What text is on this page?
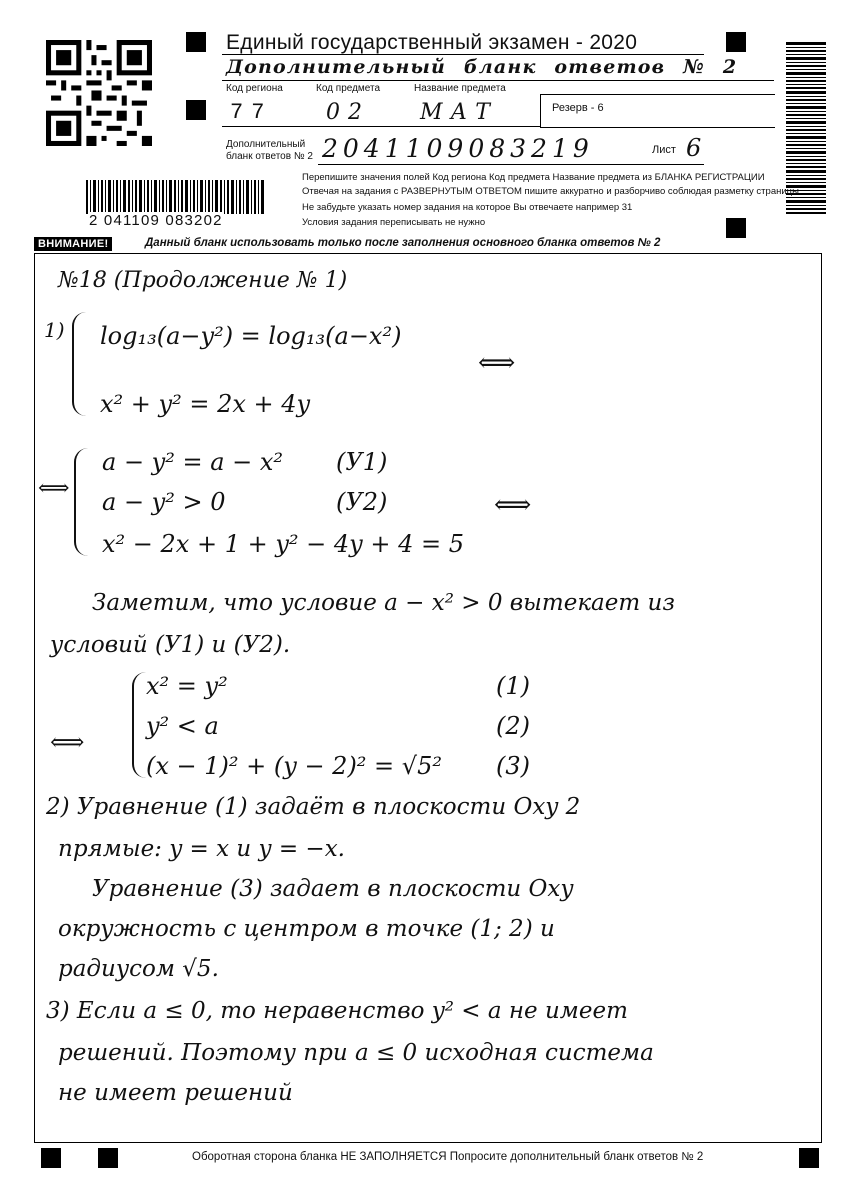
2 041109 083202
Единый государственный экзамен - 2020
Дополнительный бланк ответов № 2
Код региона	Код предмета	Название предмета
77 02 МАТ	Резерв - 6
Дополнительный бланк ответов № 2 2041109083219	Лист 6
Перепишите значения полей Код региона Код предмета Название предмета из БЛАНКА РЕГИСТРАЦИИ
Отвечая на задания с РАЗВЕРНУТЫМ ОТВЕТОМ пишите аккуратно и разборчиво соблюдая разметку страницы
Не забудьте указать номер задания на которое Вы отвечаете например 31
Условия задания переписывать не нужно
ВНИМАНИЕ!	Данный бланк использовать только после заполнения основного бланка ответов № 2
№18 (Продолжение № 1)
1) log₁₃(a−y²) = log₁₃(a−x²)
⟺
x² + y² = 2x + 4y
⟺
a − y² = a − x² (У1)
a − y² > 0	(У2)	⟺
x² − 2x + 1 + y² − 4y + 4 = 5
Заметим, что условие a − x² > 0 вытекает из
условий (У1) и (У2).
⟺
x² = y²	(1)
y² < a	(2)
(x − 1)² + (y − 2)² = √5² (3)
2) Уравнение (1) задаёт в плоскости Оxy 2
прямые: y = x и y = −x.
Уравнение (3) задает в плоскости Оxy
окружность с центром в точке (1; 2) и
радиусом √5.
3) Если a ≤ 0, то неравенство y² < a не имеет
решений. Поэтому при a ≤ 0 исходная система
не имеет решений
Оборотная сторона бланка НЕ ЗАПОЛНЯЕТСЯ Попросите дополнительный бланк ответов № 2
